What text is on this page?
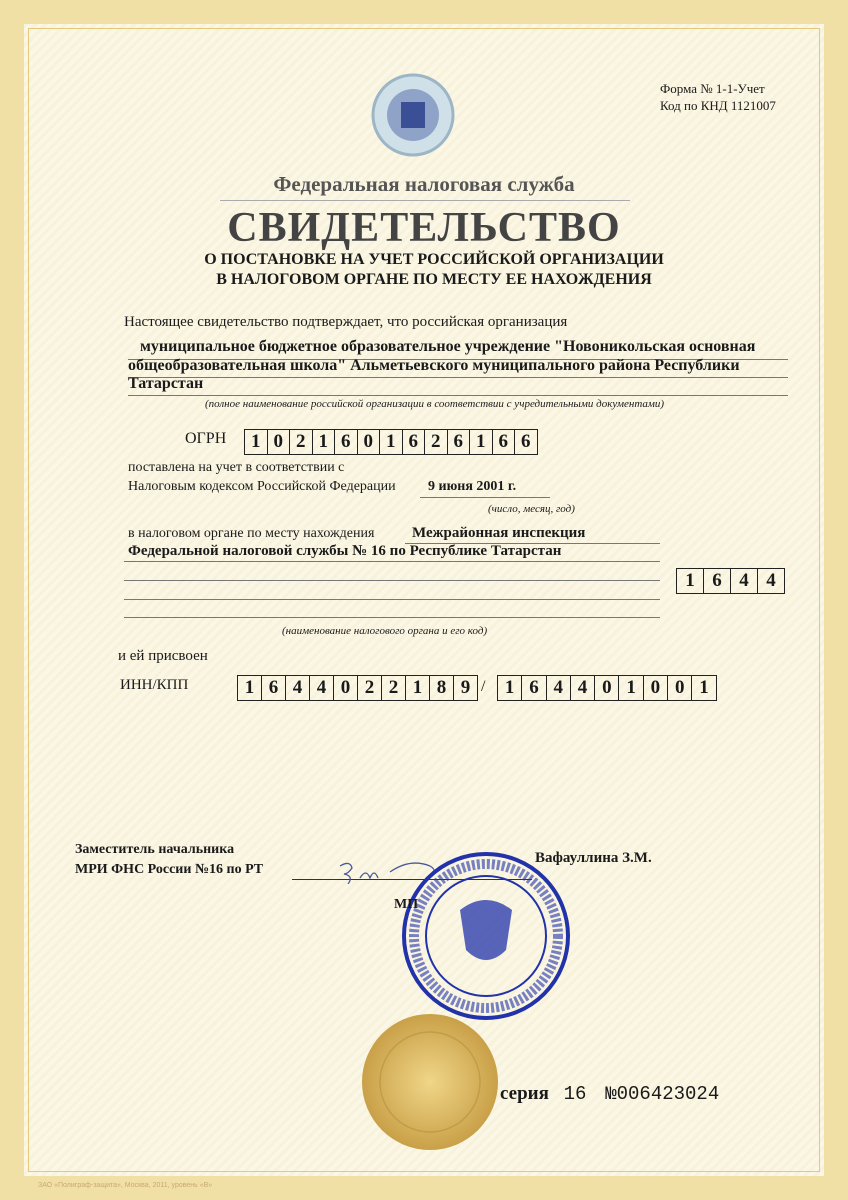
Форма № 1-1-Учет
Код по КНД 1121007
Федеральная налоговая служба
СВИДЕТЕЛЬСТВО
О ПОСТАНОВКЕ НА УЧЕТ РОССИЙСКОЙ ОРГАНИЗАЦИИ
В НАЛОГОВОМ ОРГАНЕ ПО МЕСТУ ЕЕ НАХОЖДЕНИЯ
Настоящее свидетельство подтверждает, что российская организация
муниципальное бюджетное образовательное учреждение "Новоникольская основная
общеобразовательная школа" Альметьевского муниципального района Республики
Татарстан
(полное наименование российской организации в соответствии с учредительными документами)
ОГРН	1 0 2 1 6 0 1 6 2 6 1 6 6
поставлена на учет в соответствии с
Налоговым кодексом Российской Федерации 9 июня 2001 г.
(число, месяц, год)
в налоговом органе по месту нахождения	Межрайонная инспекция
Федеральной налоговой службы № 16 по Республике Татарстан
1 6 4 4
(наименование налогового органа и его код)
и ей присвоен
ИНН/КПП	1 6 4 4 0 2 2 1 8 9 /	1 6 4 4 0 1 0 0 1
Заместитель начальника
МРИ ФНС России №16 по РТ
Вафауллина З.М.
МП
серия 16 №006423024
ЗАО «Полиграф-защита», Москва, 2011, уровень «В»
